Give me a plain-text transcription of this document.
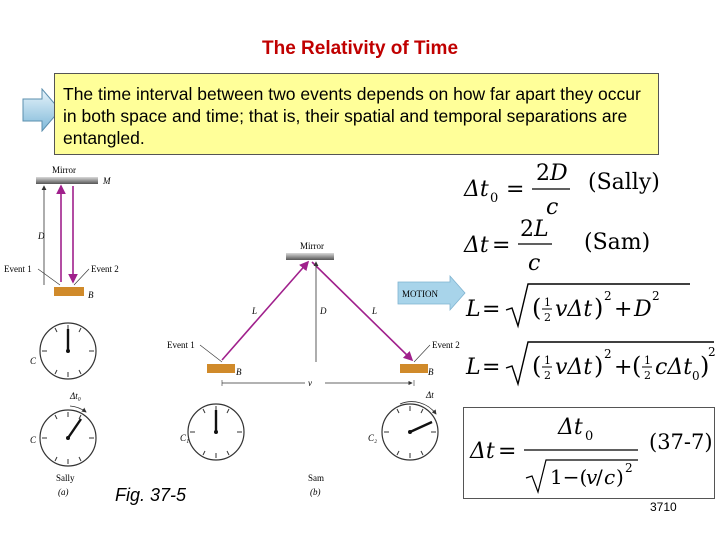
The Relativity of Time
The time interval between two events depends on how far apart they occur in both space and time; that is, their spatial and temporal separations are entangled.
Mirror
M
D
B
Event 1	Event 2
C
Δt₀
C
Sally
(a)
Mirror
MOTION
L	L
D
B	B
Event 1	Event 2
v
C₁
Δt
C₂
Sam
(b)
Δt 0 =
2D
c
(Sally)
Δt =
2L
c
(Sam)
L = ( 1
2 vΔt ) 2
+ D
2
L = ( 1
2 vΔt ) 2
+ ( 1
2 cΔt 0 )
2
Δt =
Δt 0
1−(
v
/ c ) 2
(37-7)
Fig. 37-5
3710
